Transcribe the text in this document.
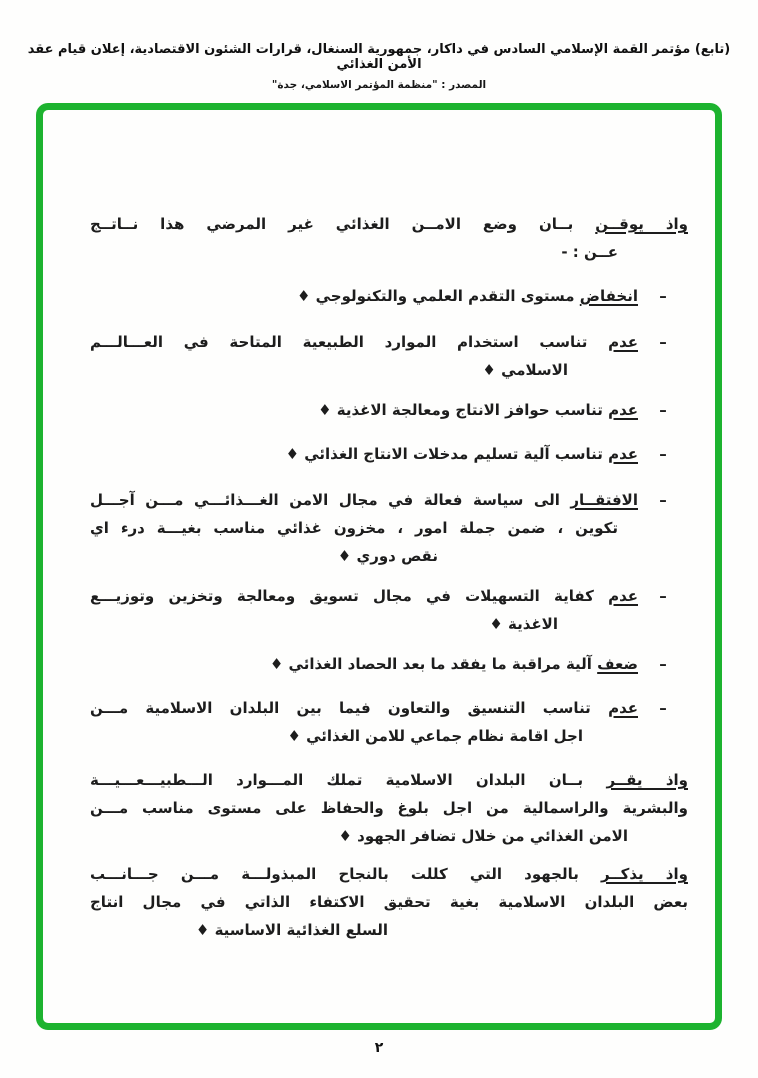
(تابع) مؤتمر القمة الإسلامي السادس في داكار، جمهورية السنغال، قرارات الشئون الاقتصادية، إعلان قيام عقد الأمن الغذائي
المصدر : "منظمة المؤتمر الاسلامي، جدة"
واذ يوقــن بــان وضع الامــن الغذائي غير المرضي هذا نــاتــج
عــن : -
–
انخفاض مستوى التقدم العلمي والتكنولوجي ♦
–
عدم تناسب استخدام الموارد الطبيعية المتاحة في العـــالـــم
الاسلامي ♦
–
عدم تناسب حوافز الانتاج ومعالجة الاغذية ♦
–
عدم تناسب آلية تسليم مدخلات الانتاج الغذائي ♦
–
الافتقــار الى سياسة فعالة في مجال الامن الغـــذائـــي مـــن آجـــل
تكوين ، ضمن جملة امور ، مخزون غذائي مناسب بغيـــة درء اي
نقص دوري ♦
–
عدم كفاية التسهيلات في مجال تسويق ومعالجة وتخزين وتوزيـــع
الاغذية ♦
–
ضعف آلية مراقبة ما يفقد ما بعد الحصاد الغذائي ♦
–
عدم تناسب التنسيق والتعاون فيما بين البلدان الاسلامية مـــن
اجل اقامة نظام جماعي للامن الغذائي ♦
واذ يقــر بــان البلدان الاسلامية تملك المـــوارد الـــطبيـــعـــيـــة
والبشرية والراسمالية من اجل بلوغ والحفاظ على مستوى مناسب مـــن
الامن الغذائي من خلال تضافر الجهود ♦
واذ يذكــر بالجهود التي كللت بالنجاح المبذولـــة مـــن جـــانـــب
بعض البلدان الاسلامية بغية تحقيق الاكتفاء الذاتي في مجال انتاج
السلع الغذائية الاساسية ♦
٢
